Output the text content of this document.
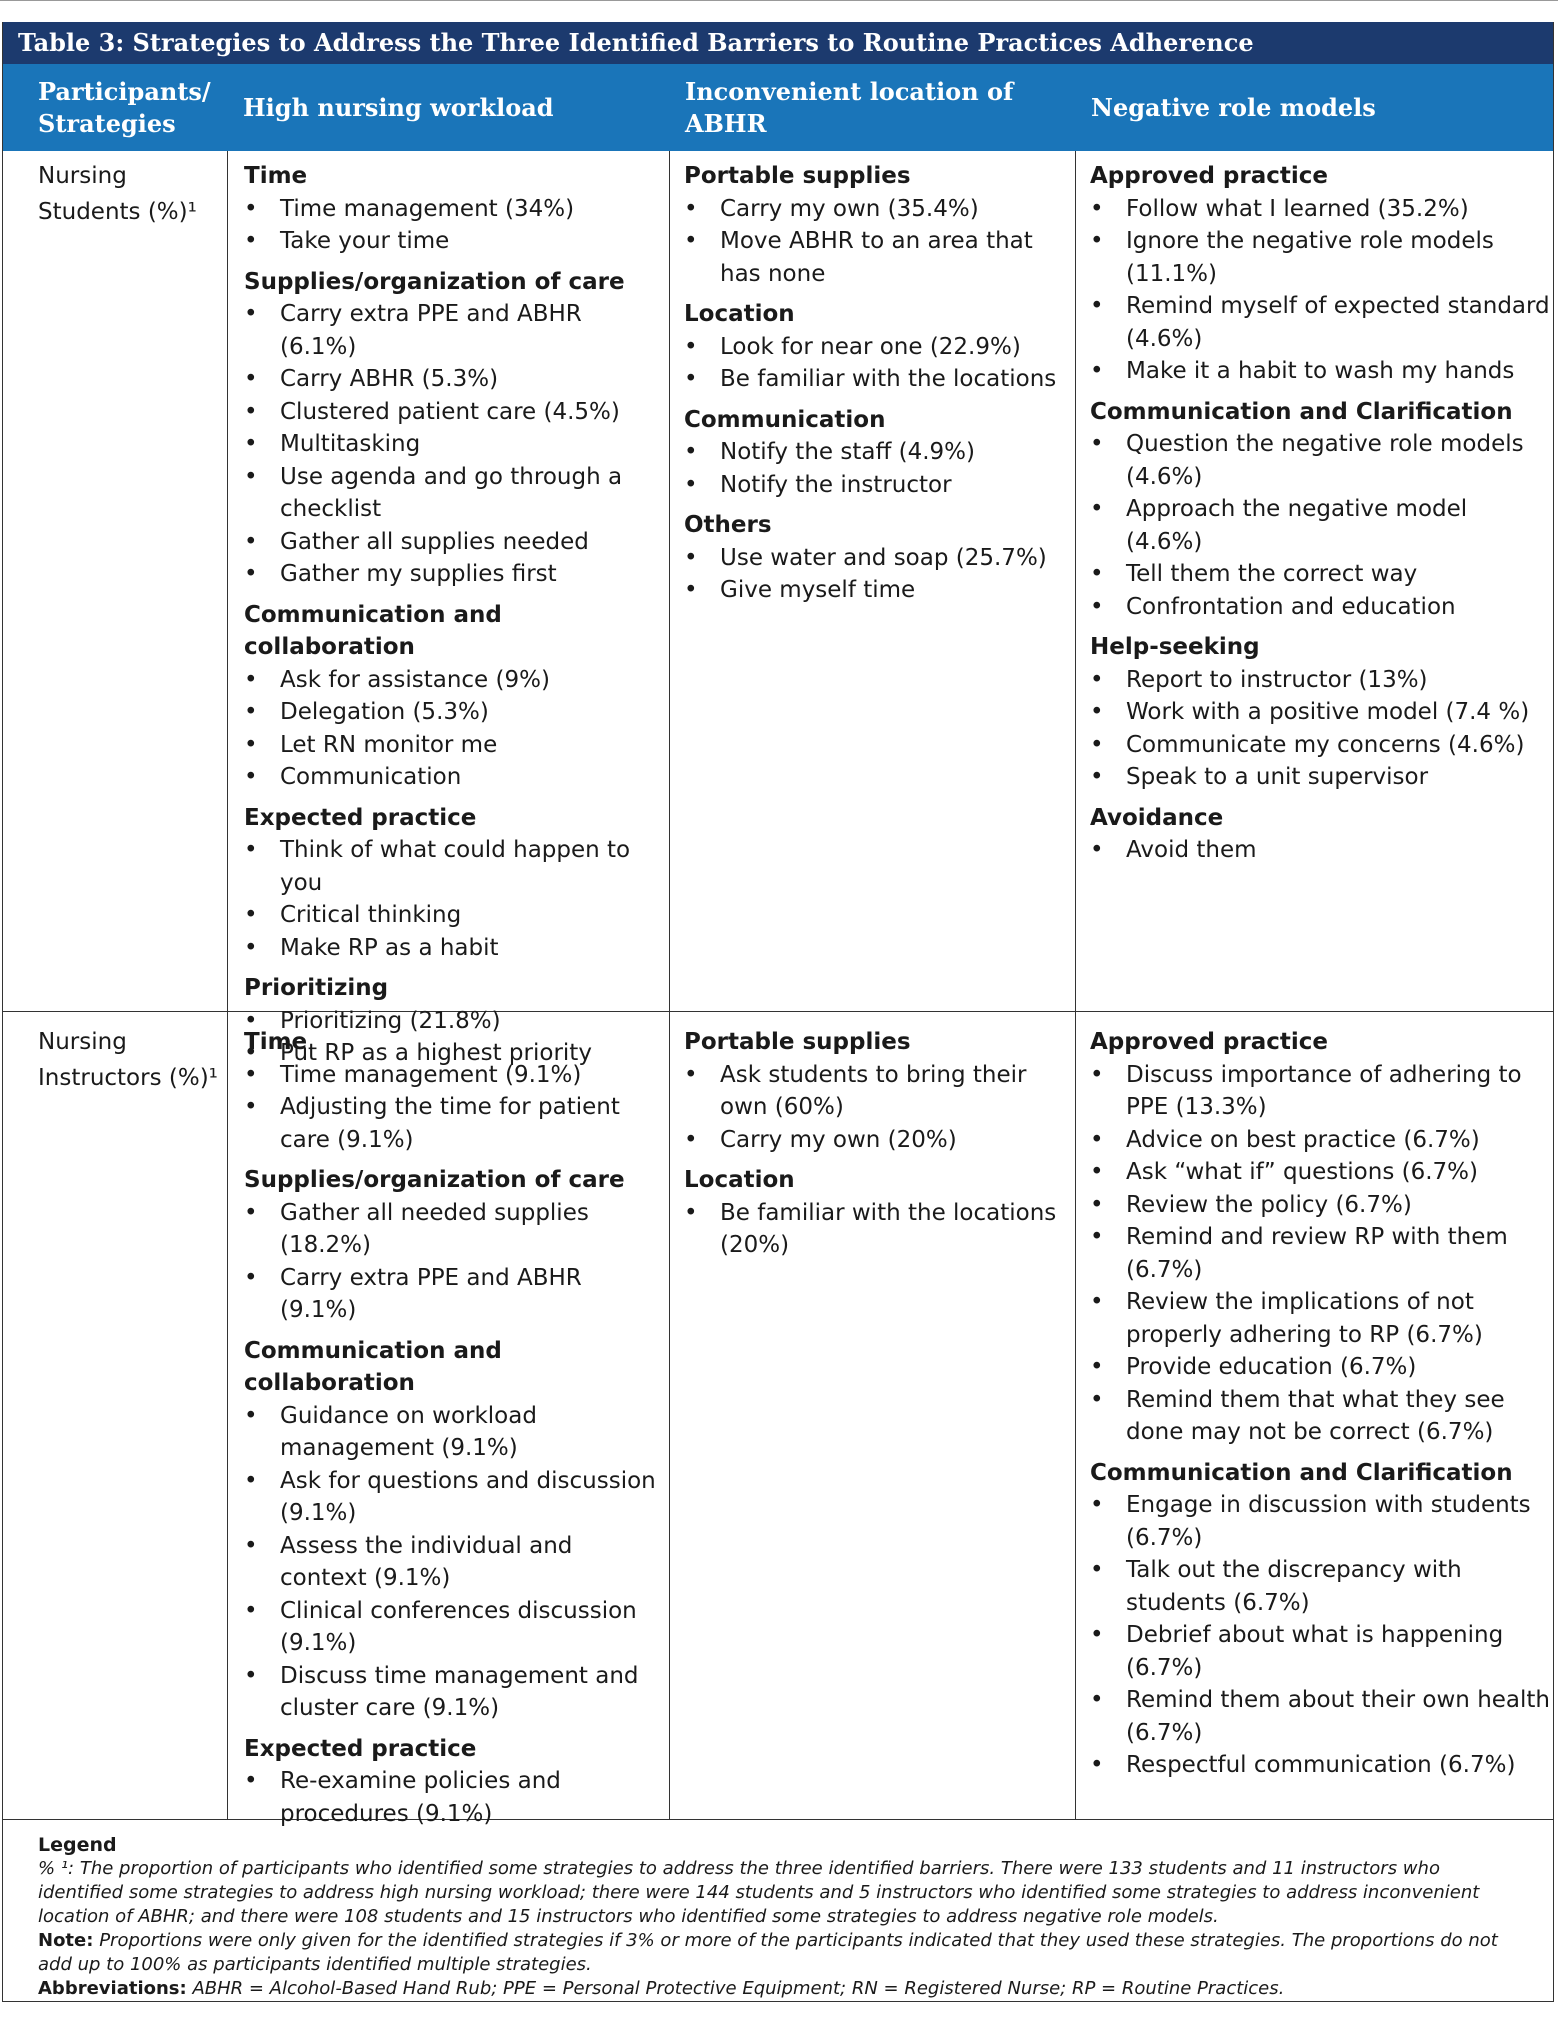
Table 3: Strategies to Address the Three Identified Barriers to Routine Practices Adherence
Participants/ Strategies
High nursing workload
Inconvenient location of ABHR
Negative role models
Nursing
Students (%)¹
Time
• Time management (34%)
• Take your time
Supplies/organization of care
• Carry extra PPE and ABHR (6.1%)
• Carry ABHR (5.3%)
• Clustered patient care (4.5%)
• Multitasking
• Use agenda and go through a checklist
• Gather all supplies needed
• Gather my supplies first
Communication and collaboration
• Ask for assistance (9%)
• Delegation (5.3%)
• Let RN monitor me
• Communication
Expected practice
• Think of what could happen to you
• Critical thinking
• Make RP as a habit
Prioritizing
• Prioritizing (21.8%)
• Put RP as a highest priority
Portable supplies
• Carry my own (35.4%)
• Move ABHR to an area that has none
Location
• Look for near one (22.9%)
• Be familiar with the locations
Communication
• Notify the staff (4.9%)
• Notify the instructor
Others
• Use water and soap (25.7%)
• Give myself time
Approved practice
• Follow what I learned (35.2%)
• Ignore the negative role models (11.1%)
• Remind myself of expected standard (4.6%)
• Make it a habit to wash my hands
Communication and Clarification
• Question the negative role models (4.6%)
• Approach the negative model (4.6%)
• Tell them the correct way
• Confrontation and education
Help-seeking
• Report to instructor (13%)
• Work with a positive model (7.4 %)
• Communicate my concerns (4.6%)
• Speak to a unit supervisor
Avoidance
• Avoid them
Nursing
Instructors (%)¹
Time
• Time management (9.1%)
• Adjusting the time for patient care (9.1%)
Supplies/organization of care
• Gather all needed supplies (18.2%)
• Carry extra PPE and ABHR (9.1%)
Communication and collaboration
• Guidance on workload management (9.1%)
• Ask for questions and discussion (9.1%)
• Assess the individual and context (9.1%)
• Clinical conferences discussion (9.1%)
• Discuss time management and cluster care (9.1%)
Expected practice
• Re-examine policies and procedures (9.1%)
Portable supplies
• Ask students to bring their own (60%)
• Carry my own (20%)
Location
• Be familiar with the locations (20%)
Approved practice
• Discuss importance of adhering to PPE (13.3%)
• Advice on best practice (6.7%)
• Ask “what if” questions (6.7%)
• Review the policy (6.7%)
• Remind and review RP with them (6.7%)
• Review the implications of not properly adhering to RP (6.7%)
• Provide education (6.7%)
• Remind them that what they see done may not be correct (6.7%)
Communication and Clarification
• Engage in discussion with students (6.7%)
• Talk out the discrepancy with students (6.7%)
• Debrief about what is happening (6.7%)
• Remind them about their own health (6.7%)
• Respectful communication (6.7%)
Legend
% ¹: The proportion of participants who identified some strategies to address the three identified barriers. There were 133 students and 11 instructors who identified some strategies to address high nursing workload; there were 144 students and 5 instructors who identified some strategies to address inconvenient location of ABHR; and there were 108 students and 15 instructors who identified some strategies to address negative role models.
Note: Proportions were only given for the identified strategies if 3% or more of the participants indicated that they used these strategies. The proportions do not add up to 100% as participants identified multiple strategies.
Abbreviations: ABHR = Alcohol-Based Hand Rub; PPE = Personal Protective Equipment; RN = Registered Nurse; RP = Routine Practices.
